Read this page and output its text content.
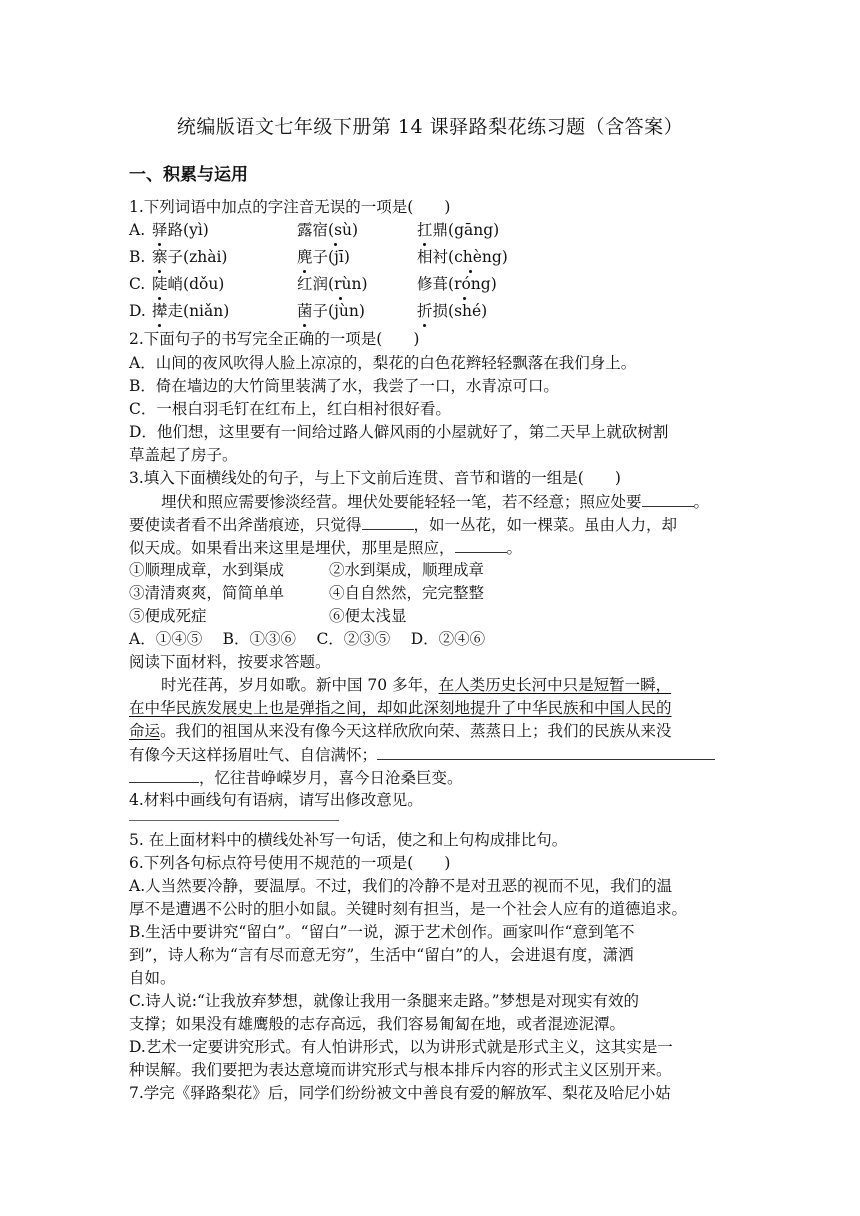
统编版语文七年级下册第 14 课驿路梨花练习题（含答案）
一、积累与运用
1.下列词语中加点的字注音无误的一项是(　　)
A. 驿路(yì)	露宿(sù)	扛鼎(gāng)
B. 寨子(zhài)	麂子(jī)	相衬(chèng)
C. 陡峭(dǒu)	红润(rùn)	修葺(róng)
D. 撵走(niǎn)	菌子(jùn)	折损(shé)
2.下面句子的书写完全正确的一项是(　　)
A．山间的夜风吹得人脸上凉凉的，梨花的白色花辫轻轻飘落在我们身上。
B．倚在墙边的大竹筒里装满了水，我尝了一口，水青凉可口。
C．一根白羽毛钉在红布上，红白相衬很好看。
D．他们想，这里要有一间给过路人僻风雨的小屋就好了，第二天早上就砍树割
草盖起了房子。
3.填入下面横线处的句子，与上下文前后连贯、音节和谐的一组是(　　)
埋伏和照应需要惨淡经营。埋伏处要能轻轻一笔，若不经意；照应处要	。
要使读者看不出斧凿痕迹，只觉得	，如一丛花，如一棵菜。虽由人力，却
似天成。如果看出来这里是埋伏，那里是照应，	。
①顺理成章，水到渠成	②水到渠成，顺理成章
③清清爽爽，简简单单	④自自然然，完完整整
⑤便成死症	⑥便太浅显
A．①④⑤　 B．①③⑥　 C．②③⑤　 D．②④⑥
阅读下面材料，按要求答题。
时光荏苒，岁月如歌。新中国 70 多年，在人类历史长河中只是短暂一瞬，
在中华民族发展史上也是弹指之间，却如此深刻地提升了中华民族和中国人民的
命运。我们的祖国从来没有像今天这样欣欣向荣、蒸蒸日上；我们的民族从来没
有像今天这样扬眉吐气、自信满怀；
，忆往昔峥嵘岁月，喜今日沧桑巨变。
4.材料中画线句有语病，请写出修改意见。
5. 在上面材料中的横线处补写一句话，使之和上句构成排比句。
6.下列各句标点符号使用不规范的一项是(　　)
A.人当然要冷静，要温厚。不过，我们的冷静不是对丑恶的视而不见，我们的温
厚不是遭遇不公时的胆小如鼠。关键时刻有担当，是一个社会人应有的道德追求。
B.生活中要讲究“留白”。“留白”一说，源于艺术创作。画家叫作“意到笔不
到”，诗人称为“言有尽而意无穷”，生活中“留白”的人，会进退有度，潇洒
自如。
C.诗人说:“让我放弃梦想，就像让我用一条腿来走路。”梦想是对现实有效的
支撑；如果没有雄鹰般的志存高远，我们容易匍匐在地，或者混迹泥潭。
D.艺术一定要讲究形式。有人怕讲形式，以为讲形式就是形式主义，这其实是一
种误解。我们要把为表达意境而讲究形式与根本排斥内容的形式主义区别开来。
7.学完《驿路梨花》后，同学们纷纷被文中善良有爱的解放军、梨花及哈尼小姑
